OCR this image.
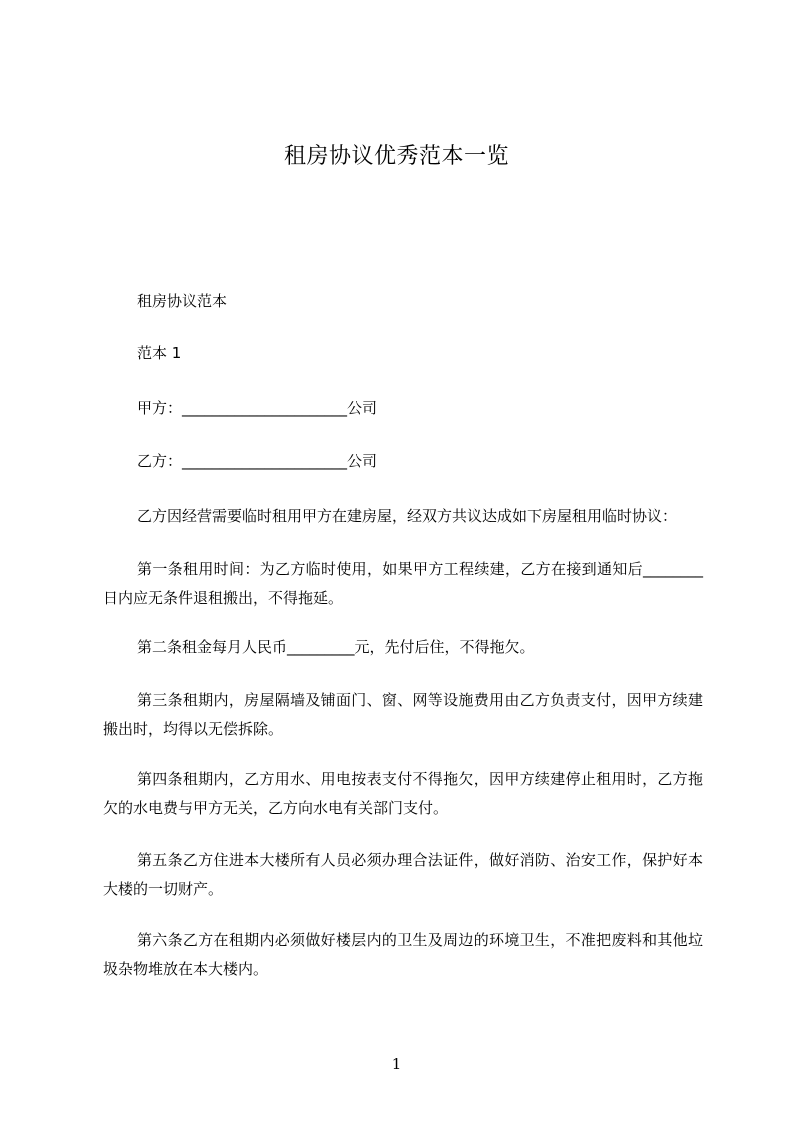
租房协议优秀范本一览
租房协议范本
范本 1
甲方：______________________公司
乙方：______________________公司
乙方因经营需要临时租用甲方在建房屋，经双方共议达成如下房屋租用临时协议：
第一条租用时间：为乙方临时使用，如果甲方工程续建，乙方在接到通知后________日内应无条件退租搬出，不得拖延。
第二条租金每月人民币_________元，先付后住，不得拖欠。
第三条租期内，房屋隔墙及铺面门、窗、网等设施费用由乙方负责支付，因甲方续建搬出时，均得以无偿拆除。
第四条租期内，乙方用水、用电按表支付不得拖欠，因甲方续建停止租用时，乙方拖欠的水电费与甲方无关，乙方向水电有关部门支付。
第五条乙方住进本大楼所有人员必须办理合法证件，做好消防、治安工作，保护好本大楼的一切财产。
第六条乙方在租期内必须做好楼层内的卫生及周边的环境卫生，不准把废料和其他垃圾杂物堆放在本大楼内。
1
